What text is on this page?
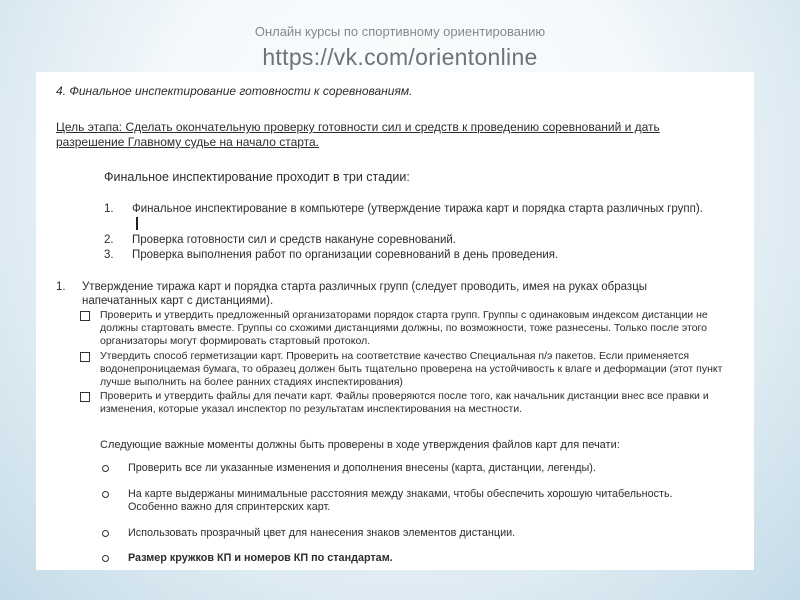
Онлайн курсы по спортивному ориентированию
https://vk.com/orientonline

4. Финальное инспектирование готовности к соревнованиям.

Цель этапа: Сделать окончательную проверку готовности сил и средств к проведению соревнований и дать разрешение Главному судье на начало старта.

Финальное инспектирование проходит в три стадии:

1. Финальное инспектирование в компьютере (утверждение тиража карт и порядка старта различных групп).
2. Проверка готовности сил и средств накануне соревнований.
3. Проверка выполнения работ по организации соревнований в день проведения.
1.	Утверждение тиража карт и порядка старта различных групп (следует проводить, имея на руках образцы напечатанных карт с дистанциями).
Проверить и утвердить предложенный организаторами порядок старта групп. Группы с одинаковым индексом дистанции не должны стартовать вместе. Группы со схожими дистанциями должны, по возможности, тоже разнесены. Только после этого организаторы могут формировать стартовый протокол.
Утвердить способ герметизации карт. Проверить на соответствие качество Специальная п/э пакетов. Если применяется водонепроницаемая бумага, то образец должен быть тщательно проверена на устойчивость к влаге и деформации (этот пункт лучше выполнить на более ранних стадиях инспектирования)
Проверить и утвердить файлы для печати карт. Файлы проверяются после того, как начальник дистанции внес все правки и изменения, которые указал инспектор по результатам инспектирования на местности.

Следующие важные моменты должны быть проверены в ходе утверждения файлов карт для печати:

Проверить все ли указанные изменения и дополнения внесены (карта, дистанции, легенды).
На карте выдержаны минимальные расстояния между знаками, чтобы обеспечить хорошую читабельность. Особенно важно для спринтерских карт.
Использовать прозрачный цвет для нанесения знаков элементов дистанции.
Размер кружков КП и номеров КП по стандартам.
